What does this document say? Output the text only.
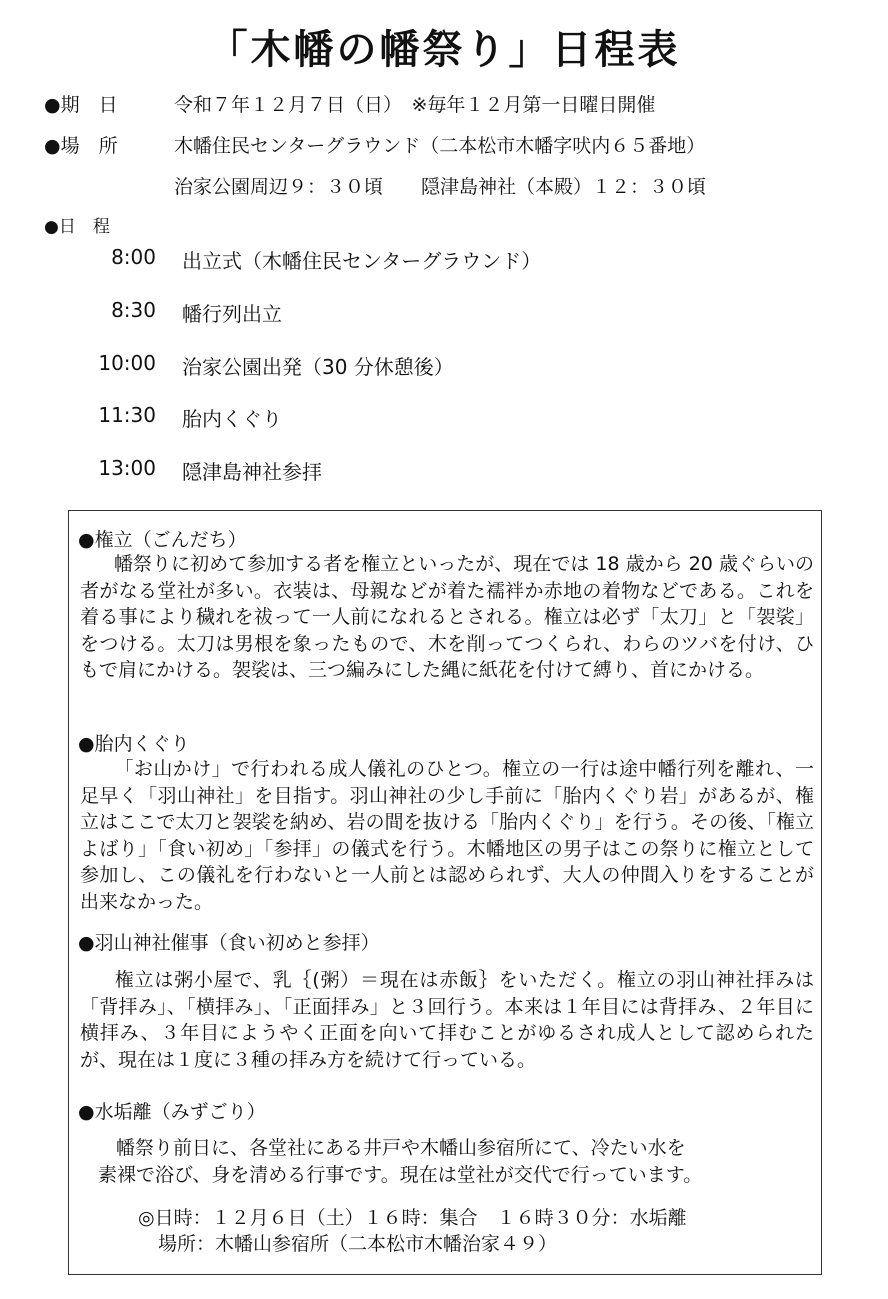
「木幡の幡祭り」日程表
●期　日	令和７年１２月７日（日）　※毎年１２月第一日曜日開催
●場　所	木幡住民センターグラウンド（二本松市木幡字吠内６５番地）
治家公園周辺９：３０頃　　隠津島神社（本殿）１２：３０頃
●日　程
8:00 出立式（木幡住民センターグラウンド）
8:30 幡行列出立
10:00 治家公園出発（30 分休憩後）
11:30 胎内くぐり
13:00 隠津島神社参拝
●権立（ごんだち）
幡祭りに初めて参加する者を権立といったが、現在では 18 歳から 20 歳ぐらいの者がなる堂社が多い。衣装は、母親などが着た襦袢か赤地の着物などである。これを着る事により穢れを祓って一人前になれるとされる。権立は必ず「太刀」と「袈裟」をつける。太刀は男根を象ったもので、木を削ってつくられ、わらのツバを付け、ひもで肩にかける。袈裟は、三つ編みにした縄に紙花を付けて縛り、首にかける。
●胎内くぐり
「お山かけ」で行われる成人儀礼のひとつ。権立の一行は途中幡行列を離れ、一足早く「羽山神社」を目指す。羽山神社の少し手前に「胎内くぐり岩」があるが、権立はここで太刀と袈裟を納め、岩の間を抜ける「胎内くぐり」を行う。その後、「権立よばり」「食い初め」「参拝」の儀式を行う。木幡地区の男子はこの祭りに権立として参加し、この儀礼を行わないと一人前とは認められず、大人の仲間入りをすることが出来なかった。
●羽山神社催事（食い初めと参拝）
権立は粥小屋で、乳｛(粥）＝現在は赤飯｝をいただく。権立の羽山神社拝みは「背拝み」、「横拝み」、「正面拝み」と３回行う。本来は１年目には背拝み、２年目に横拝み、３年目にようやく正面を向いて拝むことがゆるされ成人として認められたが、現在は１度に３種の拝み方を続けて行っている。
●水垢離（みずごり）
幡祭り前日に、各堂社にある井戸や木幡山参宿所にて、冷たい水を
素裸で浴び、身を清める行事です。現在は堂社が交代で行っています。
◎日時：１２月６日（土）１６時：集合　１６時３０分：水垢離
場所：木幡山参宿所（二本松市木幡治家４９）
